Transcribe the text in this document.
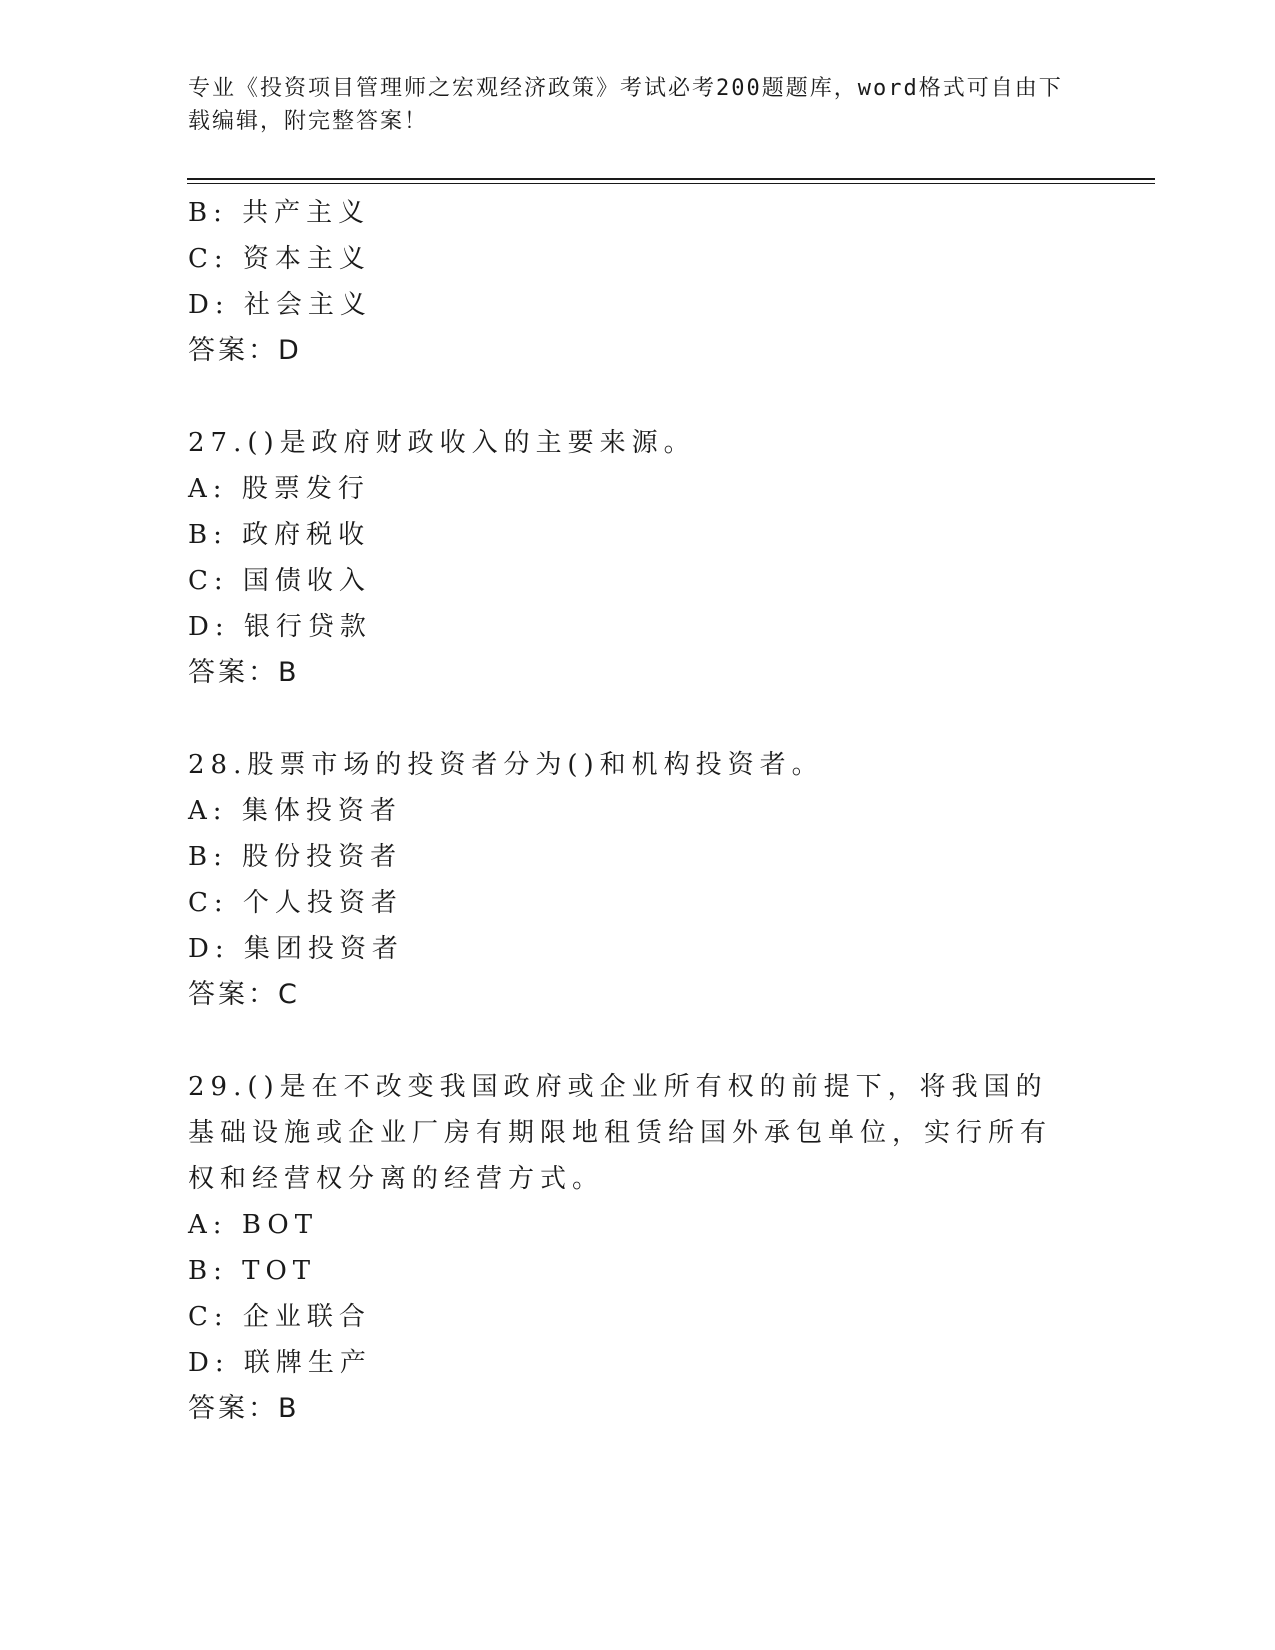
专业《投资项目管理师之宏观经济政策》考试必考200题题库，word格式可自由下载编辑，附完整答案！
B: 共产主义
C: 资本主义
D: 社会主义
答案：D
27.()是政府财政收入的主要来源。
A: 股票发行
B: 政府税收
C: 国债收入
D: 银行贷款
答案：B
28.股票市场的投资者分为()和机构投资者。
A: 集体投资者
B: 股份投资者
C: 个人投资者
D: 集团投资者
答案：C
29.()是在不改变我国政府或企业所有权的前提下，将我国的基础设施或企业厂房有期限地租赁给国外承包单位，实行所有权和经营权分离的经营方式。
A: BOT
B: TOT
C: 企业联合
D: 联牌生产
答案：B
